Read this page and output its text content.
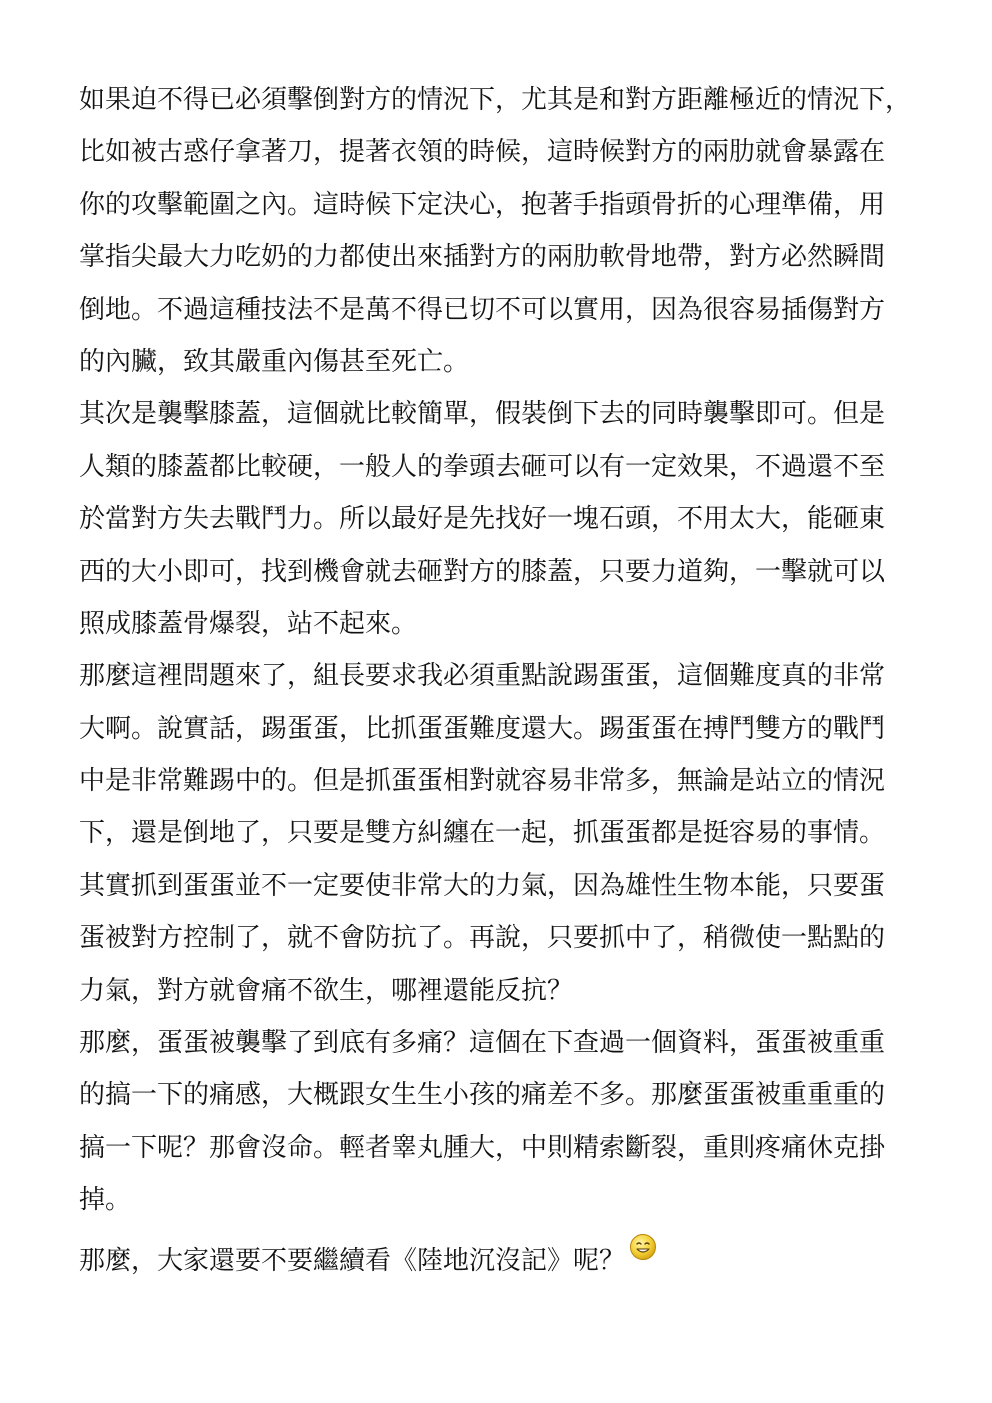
如果迫不得已必須擊倒對方的情況下，尤其是和對方距離極近的情況下，
比如被古惑仔拿著刀，提著衣領的時候，這時候對方的兩肋就會暴露在
你的攻擊範圍之內。這時候下定決心，抱著手指頭骨折的心理準備，用
掌指尖最大力吃奶的力都使出來插對方的兩肋軟骨地帶，對方必然瞬間
倒地。不過這種技法不是萬不得已切不可以實用，因為很容易插傷對方
的內臟，致其嚴重內傷甚至死亡。
其次是襲擊膝蓋，這個就比較簡單，假裝倒下去的同時襲擊即可。但是
人類的膝蓋都比較硬，一般人的拳頭去砸可以有一定效果，不過還不至
於當對方失去戰鬥力。所以最好是先找好一塊石頭，不用太大，能砸東
西的大小即可，找到機會就去砸對方的膝蓋，只要力道夠，一擊就可以
照成膝蓋骨爆裂，站不起來。
那麼這裡問題來了，組長要求我必須重點說踢蛋蛋，這個難度真的非常
大啊。說實話，踢蛋蛋，比抓蛋蛋難度還大。踢蛋蛋在搏鬥雙方的戰鬥
中是非常難踢中的。但是抓蛋蛋相對就容易非常多，無論是站立的情況
下，還是倒地了，只要是雙方糾纏在一起，抓蛋蛋都是挺容易的事情。
其實抓到蛋蛋並不一定要使非常大的力氣，因為雄性生物本能，只要蛋
蛋被對方控制了，就不會防抗了。再說，只要抓中了，稍微使一點點的
力氣，對方就會痛不欲生，哪裡還能反抗？
那麼，蛋蛋被襲擊了到底有多痛？這個在下查過一個資料，蛋蛋被重重
的搞一下的痛感，大概跟女生生小孩的痛差不多。那麼蛋蛋被重重重的
搞一下呢？那會沒命。輕者睾丸腫大，中則精索斷裂，重則疼痛休克掛
掉。
那麼，大家還要不要繼續看《陸地沉沒記》呢？
